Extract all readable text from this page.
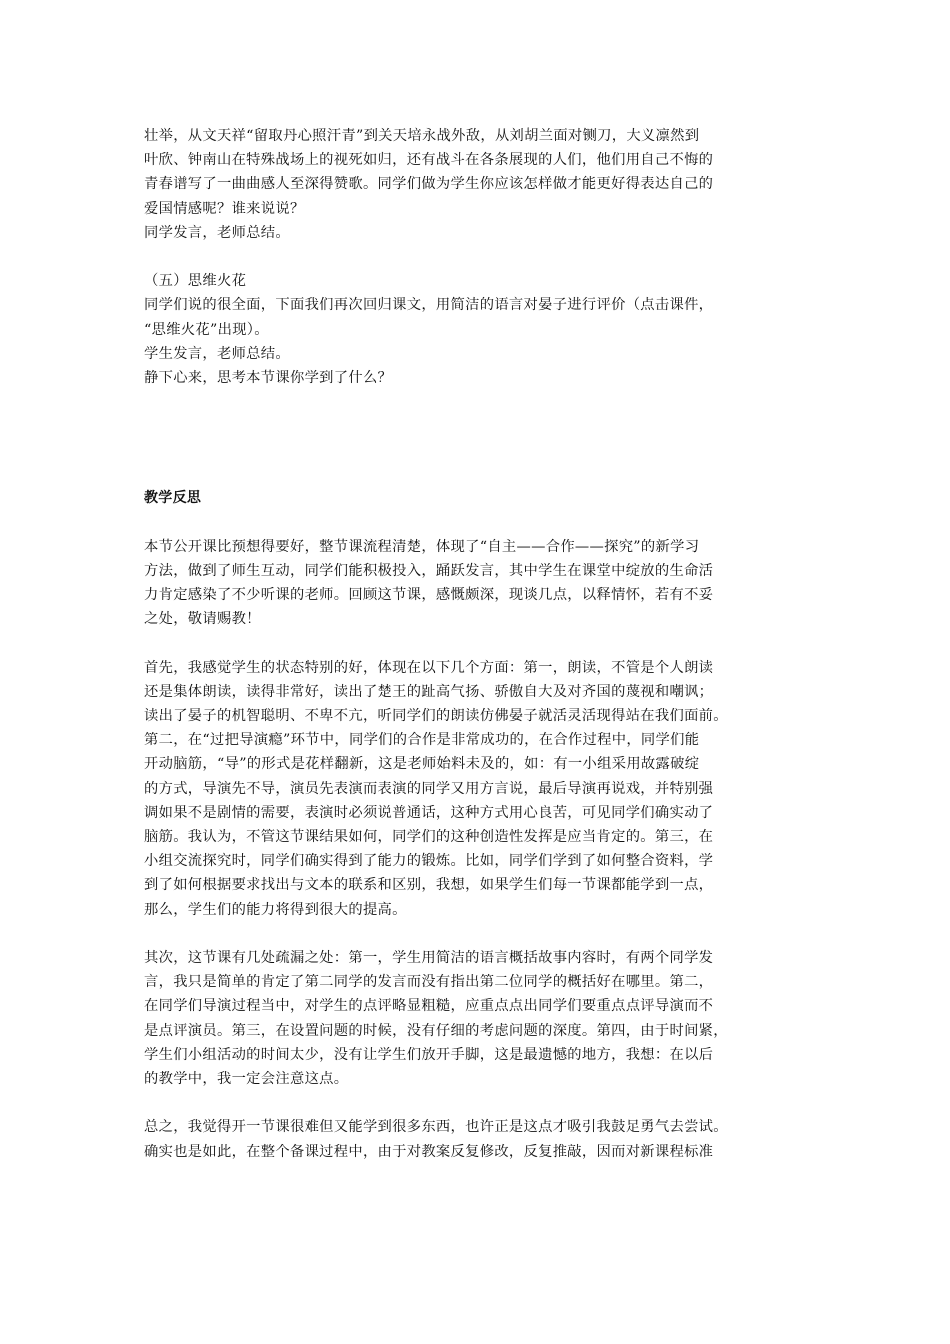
壮举，从文天祥“留取丹心照汗青”到关天培永战外敌，从刘胡兰面对铡刀，大义凛然到
叶欣、钟南山在特殊战场上的视死如归，还有战斗在各条展现的人们，他们用自己不悔的
青春谱写了一曲曲感人至深得赞歌。同学们做为学生你应该怎样做才能更好得表达自己的
爱国情感呢？谁来说说？
同学发言，老师总结。
（五）思维火花
同学们说的很全面，下面我们再次回归课文，用简洁的语言对晏子进行评价（点击课件，
“思维火花”出现）。
学生发言，老师总结。
静下心来，思考本节课你学到了什么？
教学反思
本节公开课比预想得要好，整节课流程清楚，体现了“自主——合作——探究”的新学习
方法，做到了师生互动，同学们能积极投入，踊跃发言，其中学生在课堂中绽放的生命活
力肯定感染了不少听课的老师。回顾这节课，感慨颇深，现谈几点，以释情怀，若有不妥
之处，敬请赐教！
首先，我感觉学生的状态特别的好，体现在以下几个方面：第一，朗读，不管是个人朗读
还是集体朗读，读得非常好，读出了楚王的趾高气扬、骄傲自大及对齐国的蔑视和嘲讽；
读出了晏子的机智聪明、不卑不亢，听同学们的朗读仿佛晏子就活灵活现得站在我们面前。
第二，在“过把导演瘾”环节中，同学们的合作是非常成功的，在合作过程中，同学们能
开动脑筋，“导”的形式是花样翻新，这是老师始料未及的，如：有一小组采用故露破绽
的方式，导演先不导，演员先表演而表演的同学又用方言说，最后导演再说戏，并特别强
调如果不是剧情的需要，表演时必须说普通话，这种方式用心良苦，可见同学们确实动了
脑筋。我认为，不管这节课结果如何，同学们的这种创造性发挥是应当肯定的。第三，在
小组交流探究时，同学们确实得到了能力的锻炼。比如，同学们学到了如何整合资料，学
到了如何根据要求找出与文本的联系和区别，我想，如果学生们每一节课都能学到一点，
那么，学生们的能力将得到很大的提高。
其次，这节课有几处疏漏之处：第一，学生用简洁的语言概括故事内容时，有两个同学发
言，我只是简单的肯定了第二同学的发言而没有指出第二位同学的概括好在哪里。第二，
在同学们导演过程当中，对学生的点评略显粗糙，应重点点出同学们要重点点评导演而不
是点评演员。第三，在设置问题的时候，没有仔细的考虑问题的深度。第四，由于时间紧，
学生们小组活动的时间太少，没有让学生们放开手脚，这是最遗憾的地方，我想：在以后
的教学中，我一定会注意这点。
总之，我觉得开一节课很难但又能学到很多东西，也许正是这点才吸引我鼓足勇气去尝试。
确实也是如此，在整个备课过程中，由于对教案反复修改，反复推敲，因而对新课程标准
